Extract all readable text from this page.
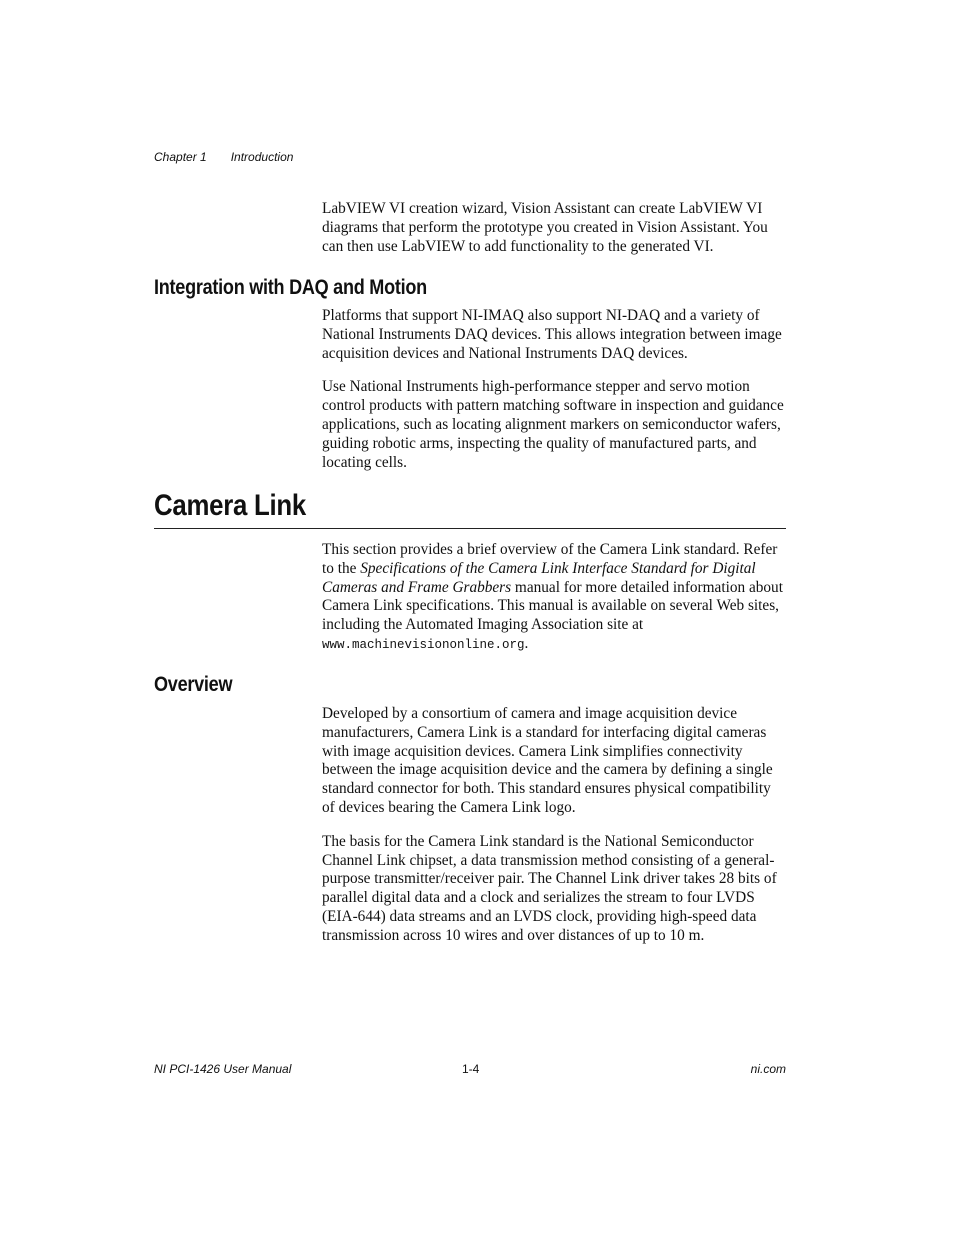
Chapter 1 Introduction

LabVIEW VI creation wizard, Vision Assistant can create LabVIEW VI diagrams that perform the prototype you created in Vision Assistant. You can then use LabVIEW to add functionality to the generated VI.

Integration with DAQ and Motion

Platforms that support NI-IMAQ also support NI-DAQ and a variety of National Instruments DAQ devices. This allows integration between image acquisition devices and National Instruments DAQ devices.

Use National Instruments high-performance stepper and servo motion control products with pattern matching software in inspection and guidance applications, such as locating alignment markers on semiconductor wafers, guiding robotic arms, inspecting the quality of manufactured parts, and locating cells.

Camera Link

This section provides a brief overview of the Camera Link standard. Refer to the Specifications of the Camera Link Interface Standard for Digital Cameras and Frame Grabbers manual for more detailed information about Camera Link specifications. This manual is available on several Web sites, including the Automated Imaging Association site at
www.machinevisiononline.org.

Overview

Developed by a consortium of camera and image acquisition device manufacturers, Camera Link is a standard for interfacing digital cameras with image acquisition devices. Camera Link simplifies connectivity between the image acquisition device and the camera by defining a single standard connector for both. This standard ensures physical compatibility of devices bearing the Camera Link logo.

The basis for the Camera Link standard is the National Semiconductor Channel Link chipset, a data transmission method consisting of a general-purpose transmitter/receiver pair. The Channel Link driver takes 28 bits of parallel digital data and a clock and serializes the stream to four LVDS (EIA-644) data streams and an LVDS clock, providing high-speed data transmission across 10 wires and over distances of up to 10 m.

NI PCI-1426 User Manual	1-4	ni.com
